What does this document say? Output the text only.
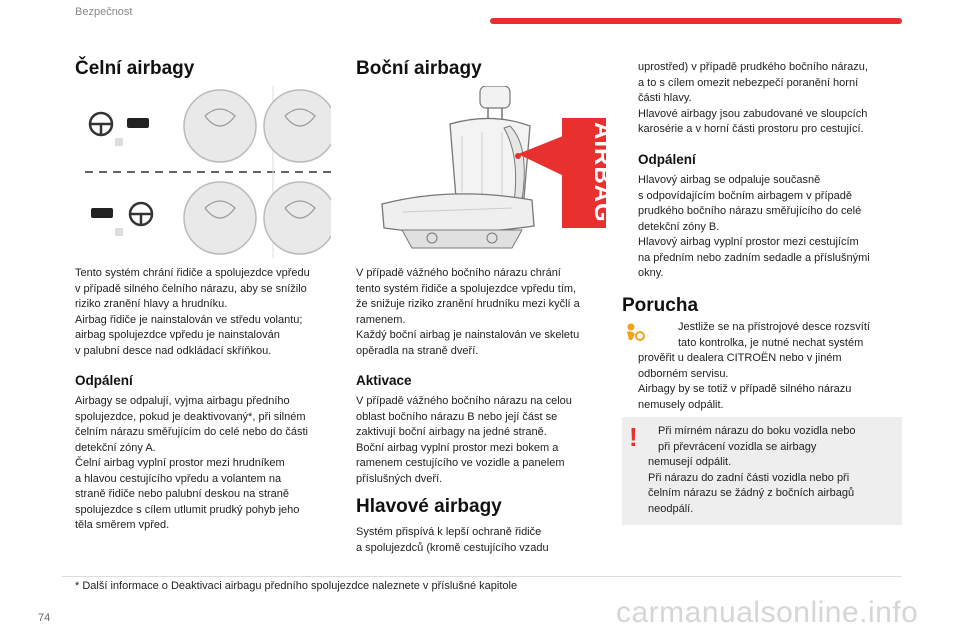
Bezpečnost
Čelní airbagy
Tento systém chrání řidiče a spolujezdce vpředu
v případě silného čelního nárazu, aby se snížilo
riziko zranění hlavy a hrudníku.
Airbag řidiče je nainstalován ve středu volantu;
airbag spolujezdce vpředu je nainstalován
v palubní desce nad odkládací skříňkou.
Odpálení
Airbagy se odpalují, vyjma airbagu předního
spolujezdce, pokud je deaktivovaný*, při silném
čelním nárazu směřujícím do celé nebo do části
detekční zóny A.
Čelní airbag vyplní prostor mezi hrudníkem
a hlavou cestujícího vpředu a volantem na
straně řidiče nebo palubní deskou na straně
spolujezdce s cílem utlumit prudký pohyb jeho
těla směrem vpřed.
Boční airbagy
AIRBAG
V případě vážného bočního nárazu chrání
tento systém řidiče a spolujezdce vpředu tím,
že snižuje riziko zranění hrudníku mezi kyčlí a
ramenem.
Každý boční airbag je nainstalován ve skeletu
opěradla na straně dveří.
Aktivace
V případě vážného bočního nárazu na celou
oblast bočního nárazu B nebo její část se
zaktivují boční airbagy na jedné straně.
Boční airbag vyplní prostor mezi bokem a
ramenem cestujícího ve vozidle a panelem
příslušných dveří.
Hlavové airbagy
Systém přispívá k lepší ochraně řidiče
a spolujezdců (kromě cestujícího vzadu
uprostřed) v případě prudkého bočního nárazu,
a to s cílem omezit nebezpečí poranění horní
části hlavy.
Hlavové airbagy jsou zabudované ve sloupcích
karosérie a v horní části prostoru pro cestující.
Odpálení
Hlavový airbag se odpaluje současně
s odpovídajícím bočním airbagem v případě
prudkého bočního nárazu směřujícího do celé
detekční zóny B.
Hlavový airbag vyplní prostor mezi cestujícím
na předním nebo zadním sedadle a příslušnými
okny.
Porucha
Jestliže se na přístrojové desce rozsvítí
tato kontrolka, je nutné nechat systém
prověřit u dealera CITROËN nebo v jiném
odborném servisu.
Airbagy by se totiž v případě silného nárazu
nemusely odpálit.
! Při mírném nárazu do boku vozidla nebo
při převrácení vozidla se airbagy
nemusejí odpálit.
Při nárazu do zadní části vozidla nebo při
čelním nárazu se žádný z bočních airbagů
neodpálí.
* Další informace o Deaktivaci airbagu předního spolujezdce naleznete v příslušné kapitole
74	carmanualsonline.info
